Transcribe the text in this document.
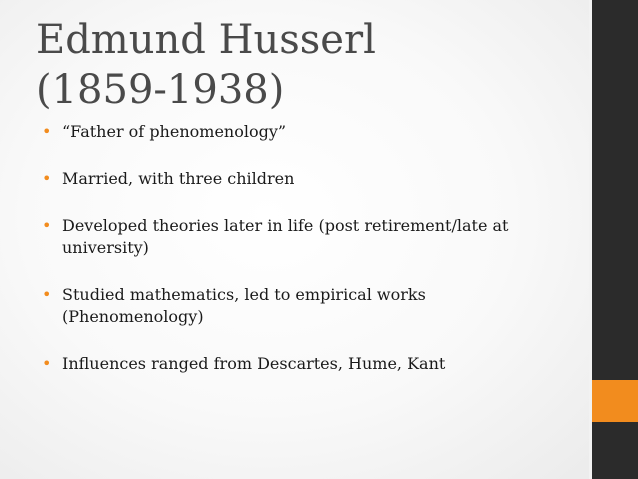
Edmund Husserl (1859-1938)
• “Father of phenomenology”
• Married, with three children
• Developed theories later in life (post retirement/late at university)
• Studied mathematics, led to empirical works (Phenomenology)
• Influences ranged from Descartes, Hume, Kant
